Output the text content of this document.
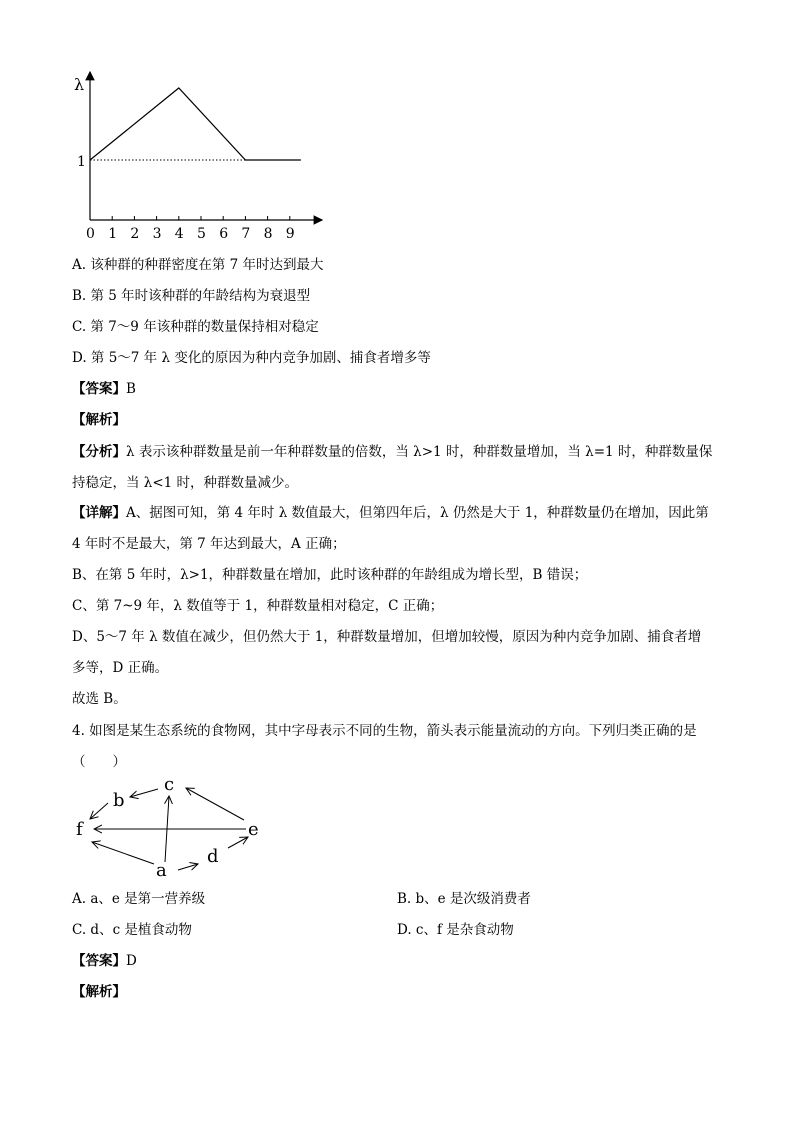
λ
1
0 1 2 3 4 5 6 7 8 9
A. 该种群的种群密度在第 7 年时达到最大
B. 第 5 年时该种群的年龄结构为衰退型
C. 第 7～9 年该种群的数量保持相对稳定
D. 第 5～7 年 λ 变化的原因为种内竞争加剧、捕食者增多等
【答案】B
【解析】
【分析】λ 表示该种群数量是前一年种群数量的倍数，当 λ>1 时，种群数量增加，当 λ=1 时，种群数量保
持稳定，当 λ<1 时，种群数量减少。
【详解】A、据图可知，第 4 年时 λ 数值最大，但第四年后，λ 仍然是大于 1，种群数量仍在增加，因此第
4 年时不是最大，第 7 年达到最大，A 正确；
B、在第 5 年时，λ>1，种群数量在增加，此时该种群的年龄组成为增长型，B 错误；
C、第 7~9 年，λ 数值等于 1，种群数量相对稳定，C 正确；
D、5～7 年 λ 数值在减少，但仍然大于 1，种群数量增加，但增加较慢，原因为种内竞争加剧、捕食者增
多等，D 正确。
故选 B。
4. 如图是某生态系统的食物网，其中字母表示不同的生物，箭头表示能量流动的方向。下列归类正确的是
（　　）
c
b
f	e
d
a
A. a、e 是第一营养级	B. b、e 是次级消费者
C. d、c 是植食动物	D. c、f 是杂食动物
【答案】D
【解析】
